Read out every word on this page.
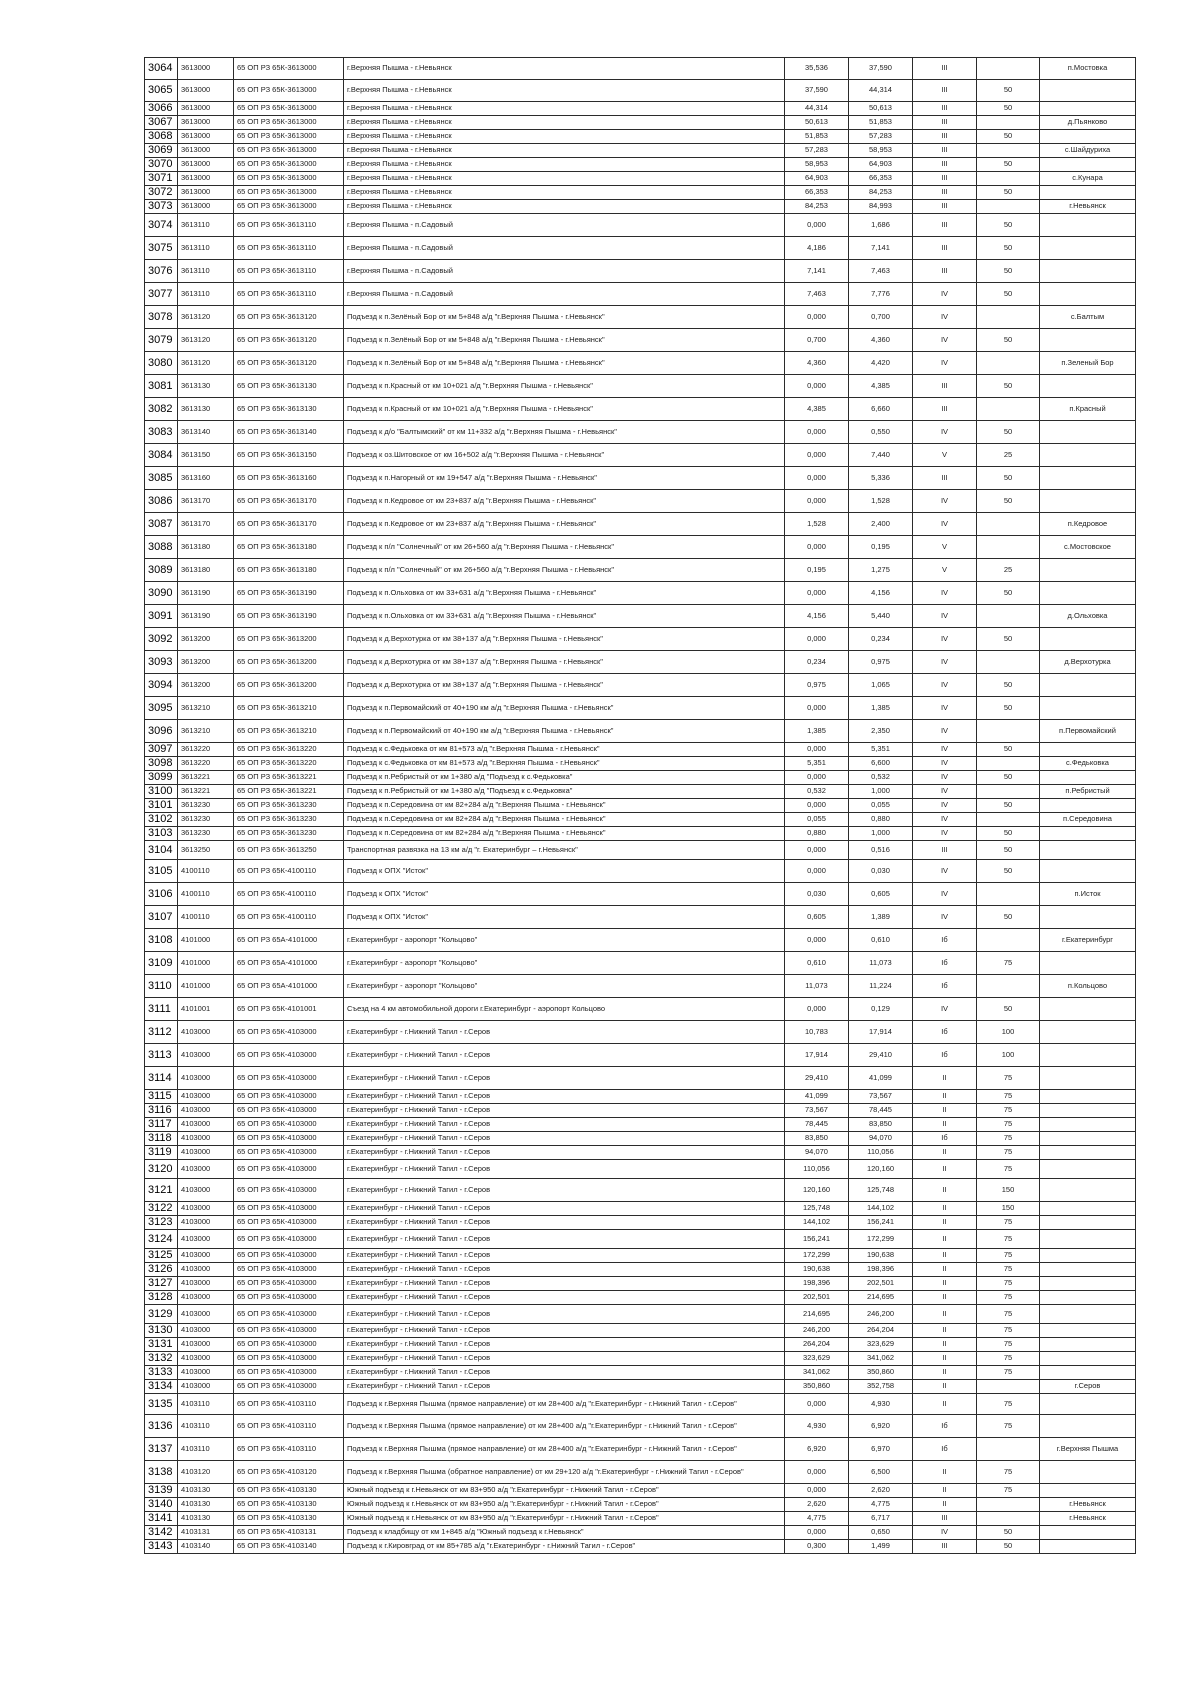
3064	3613000	65 ОП РЗ 65К-3613000	г.Верхняя Пышма - г.Невьянск	35,536	37,590	III		п.Мостовка
3065	3613000	65 ОП РЗ 65К-3613000	г.Верхняя Пышма - г.Невьянск	37,590	44,314	III	50	
3066	3613000	65 ОП РЗ 65К-3613000	г.Верхняя Пышма - г.Невьянск	44,314	50,613	III	50	
3067	3613000	65 ОП РЗ 65К-3613000	г.Верхняя Пышма - г.Невьянск	50,613	51,853	III		д.Пьянково
3068	3613000	65 ОП РЗ 65К-3613000	г.Верхняя Пышма - г.Невьянск	51,853	57,283	III	50	
3069	3613000	65 ОП РЗ 65К-3613000	г.Верхняя Пышма - г.Невьянск	57,283	58,953	III		с.Шайдуриха
3070	3613000	65 ОП РЗ 65К-3613000	г.Верхняя Пышма - г.Невьянск	58,953	64,903	III	50	
3071	3613000	65 ОП РЗ 65К-3613000	г.Верхняя Пышма - г.Невьянск	64,903	66,353	III		с.Кунара
3072	3613000	65 ОП РЗ 65К-3613000	г.Верхняя Пышма - г.Невьянск	66,353	84,253	III	50	
3073	3613000	65 ОП РЗ 65К-3613000	г.Верхняя Пышма - г.Невьянск	84,253	84,993	III		г.Невьянск
3074	3613110	65 ОП РЗ 65К-3613110	г.Верхняя Пышма - п.Садовый	0,000	1,686	III	50	
3075	3613110	65 ОП РЗ 65К-3613110	г.Верхняя Пышма - п.Садовый	4,186	7,141	III	50	
3076	3613110	65 ОП РЗ 65К-3613110	г.Верхняя Пышма - п.Садовый	7,141	7,463	III	50	
3077	3613110	65 ОП РЗ 65К-3613110	г.Верхняя Пышма - п.Садовый	7,463	7,776	IV	50	
3078	3613120	65 ОП РЗ 65К-3613120	Подъезд к п.Зелёный Бор от км 5+848 а/д "г.Верхняя Пышма - г.Невьянск"	0,000	0,700	IV		с.Балтым
3079	3613120	65 ОП РЗ 65К-3613120	Подъезд к п.Зелёный Бор от км 5+848 а/д "г.Верхняя Пышма - г.Невьянск"	0,700	4,360	IV	50	
3080	3613120	65 ОП РЗ 65К-3613120	Подъезд к п.Зелёный Бор от км 5+848 а/д "г.Верхняя Пышма - г.Невьянск"	4,360	4,420	IV		п.Зеленый Бор
3081	3613130	65 ОП РЗ 65К-3613130	Подъезд к п.Красный от км 10+021 а/д "г.Верхняя Пышма - г.Невьянск"	0,000	4,385	III	50	
3082	3613130	65 ОП РЗ 65К-3613130	Подъезд к п.Красный от км 10+021 а/д "г.Верхняя Пышма - г.Невьянск"	4,385	6,660	III		п.Красный
3083	3613140	65 ОП РЗ 65К-3613140	Подъезд к д/о "Балтымский" от км 11+332 а/д "г.Верхняя Пышма - г.Невьянск"	0,000	0,550	IV	50	
3084	3613150	65 ОП РЗ 65К-3613150	Подъезд к оз.Шитовское от км 16+502 а/д "г.Верхняя Пышма - г.Невьянск"	0,000	7,440	V	25	
3085	3613160	65 ОП РЗ 65К-3613160	Подъезд к п.Нагорный от км 19+547 а/д "г.Верхняя Пышма - г.Невьянск"	0,000	5,336	III	50	
3086	3613170	65 ОП РЗ 65К-3613170	Подъезд к п.Кедровое от км 23+837 а/д "г.Верхняя Пышма - г.Невьянск"	0,000	1,528	IV	50	
3087	3613170	65 ОП РЗ 65К-3613170	Подъезд к п.Кедровое от км 23+837 а/д "г.Верхняя Пышма - г.Невьянск"	1,528	2,400	IV		п.Кедровое
3088	3613180	65 ОП РЗ 65К-3613180	Подъезд к п/л "Солнечный" от км 26+560 а/д "г.Верхняя Пышма - г.Невьянск"	0,000	0,195	V		с.Мостовское
3089	3613180	65 ОП РЗ 65К-3613180	Подъезд к п/л "Солнечный" от км 26+560 а/д "г.Верхняя Пышма - г.Невьянск"	0,195	1,275	V	25	
3090	3613190	65 ОП РЗ 65К-3613190	Подъезд к п.Ольховка от км 33+631 а/д "г.Верхняя Пышма - г.Невьянск"	0,000	4,156	IV	50	
3091	3613190	65 ОП РЗ 65К-3613190	Подъезд к п.Ольховка от км 33+631 а/д "г.Верхняя Пышма - г.Невьянск"	4,156	5,440	IV		д.Ольховка
3092	3613200	65 ОП РЗ 65К-3613200	Подъезд к д.Верхотурка от км 38+137 а/д "г.Верхняя Пышма - г.Невьянск"	0,000	0,234	IV	50	
3093	3613200	65 ОП РЗ 65К-3613200	Подъезд к д.Верхотурка от км 38+137 а/д "г.Верхняя Пышма - г.Невьянск"	0,234	0,975	IV		д.Верхотурка
3094	3613200	65 ОП РЗ 65К-3613200	Подъезд к д.Верхотурка от км 38+137 а/д "г.Верхняя Пышма - г.Невьянск"	0,975	1,065	IV	50	
3095	3613210	65 ОП РЗ 65К-3613210	Подъезд к п.Первомайский от 40+190 км а/д "г.Верхняя Пышма - г.Невьянск"	0,000	1,385	IV	50	
3096	3613210	65 ОП РЗ 65К-3613210	Подъезд к п.Первомайский от 40+190 км а/д "г.Верхняя Пышма - г.Невьянск"	1,385	2,350	IV		п.Первомайский
3097	3613220	65 ОП РЗ 65К-3613220	Подъезд к с.Федьковка от км 81+573 а/д "г.Верхняя Пышма - г.Невьянск"	0,000	5,351	IV	50	
3098	3613220	65 ОП РЗ 65К-3613220	Подъезд к с.Федьковка от км 81+573 а/д "г.Верхняя Пышма - г.Невьянск"	5,351	6,600	IV		с.Федьковка
3099	3613221	65 ОП РЗ 65К-3613221	Подъезд к п.Ребристый от км 1+380 а/д "Подъезд к с.Федьковка"	0,000	0,532	IV	50	
3100	3613221	65 ОП РЗ 65К-3613221	Подъезд к п.Ребристый от км 1+380 а/д "Подъезд к с.Федьковка"	0,532	1,000	IV		п.Ребристый
3101	3613230	65 ОП РЗ 65К-3613230	Подъезд к п.Середовина от км 82+284 а/д "г.Верхняя Пышма - г.Невьянск"	0,000	0,055	IV	50	
3102	3613230	65 ОП РЗ 65К-3613230	Подъезд к п.Середовина от км 82+284 а/д "г.Верхняя Пышма - г.Невьянск"	0,055	0,880	IV		п.Середовина
3103	3613230	65 ОП РЗ 65К-3613230	Подъезд к п.Середовина от км 82+284 а/д "г.Верхняя Пышма - г.Невьянск"	0,880	1,000	IV	50	
3104	3613250	65 ОП РЗ 65К-3613250	Транспортная развязка на 13 км а/д "г. Екатеринбург – г.Невьянск"	0,000	0,516	III	50	
3105	4100110	65 ОП РЗ 65К-4100110	Подъезд к ОПХ "Исток"	0,000	0,030	IV	50	
3106	4100110	65 ОП РЗ 65К-4100110	Подъезд к ОПХ "Исток"	0,030	0,605	IV		п.Исток
3107	4100110	65 ОП РЗ 65К-4100110	Подъезд к ОПХ "Исток"	0,605	1,389	IV	50	
3108	4101000	65 ОП РЗ 65А-4101000	г.Екатеринбург - аэропорт "Кольцово"	0,000	0,610	Iб		г.Екатеринбург
3109	4101000	65 ОП РЗ 65А-4101000	г.Екатеринбург - аэропорт "Кольцово"	0,610	11,073	Iб	75	
3110	4101000	65 ОП РЗ 65А-4101000	г.Екатеринбург - аэропорт "Кольцово"	11,073	11,224	Iб		п.Кольцово
3111	4101001	65 ОП РЗ 65К-4101001	Съезд на 4 км автомобильной дороги г.Екатеринбург - аэропорт Кольцово	0,000	0,129	IV	50	
3112	4103000	65 ОП РЗ 65К-4103000	г.Екатеринбург - г.Нижний Тагил - г.Серов	10,783	17,914	Iб	100	
3113	4103000	65 ОП РЗ 65К-4103000	г.Екатеринбург - г.Нижний Тагил - г.Серов	17,914	29,410	Iб	100	
3114	4103000	65 ОП РЗ 65К-4103000	г.Екатеринбург - г.Нижний Тагил - г.Серов	29,410	41,099	II	75	
3115	4103000	65 ОП РЗ 65К-4103000	г.Екатеринбург - г.Нижний Тагил - г.Серов	41,099	73,567	II	75	
3116	4103000	65 ОП РЗ 65К-4103000	г.Екатеринбург - г.Нижний Тагил - г.Серов	73,567	78,445	II	75	
3117	4103000	65 ОП РЗ 65К-4103000	г.Екатеринбург - г.Нижний Тагил - г.Серов	78,445	83,850	II	75	
3118	4103000	65 ОП РЗ 65К-4103000	г.Екатеринбург - г.Нижний Тагил - г.Серов	83,850	94,070	Iб	75	
3119	4103000	65 ОП РЗ 65К-4103000	г.Екатеринбург - г.Нижний Тагил - г.Серов	94,070	110,056	II	75	
3120	4103000	65 ОП РЗ 65К-4103000	г.Екатеринбург - г.Нижний Тагил - г.Серов	110,056	120,160	II	75	
3121	4103000	65 ОП РЗ 65К-4103000	г.Екатеринбург - г.Нижний Тагил - г.Серов	120,160	125,748	II	150	
3122	4103000	65 ОП РЗ 65К-4103000	г.Екатеринбург - г.Нижний Тагил - г.Серов	125,748	144,102	II	150	
3123	4103000	65 ОП РЗ 65К-4103000	г.Екатеринбург - г.Нижний Тагил - г.Серов	144,102	156,241	II	75	
3124	4103000	65 ОП РЗ 65К-4103000	г.Екатеринбург - г.Нижний Тагил - г.Серов	156,241	172,299	II	75	
3125	4103000	65 ОП РЗ 65К-4103000	г.Екатеринбург - г.Нижний Тагил - г.Серов	172,299	190,638	II	75	
3126	4103000	65 ОП РЗ 65К-4103000	г.Екатеринбург - г.Нижний Тагил - г.Серов	190,638	198,396	II	75	
3127	4103000	65 ОП РЗ 65К-4103000	г.Екатеринбург - г.Нижний Тагил - г.Серов	198,396	202,501	II	75	
3128	4103000	65 ОП РЗ 65К-4103000	г.Екатеринбург - г.Нижний Тагил - г.Серов	202,501	214,695	II	75	
3129	4103000	65 ОП РЗ 65К-4103000	г.Екатеринбург - г.Нижний Тагил - г.Серов	214,695	246,200	II	75	
3130	4103000	65 ОП РЗ 65К-4103000	г.Екатеринбург - г.Нижний Тагил - г.Серов	246,200	264,204	II	75	
3131	4103000	65 ОП РЗ 65К-4103000	г.Екатеринбург - г.Нижний Тагил - г.Серов	264,204	323,629	II	75	
3132	4103000	65 ОП РЗ 65К-4103000	г.Екатеринбург - г.Нижний Тагил - г.Серов	323,629	341,062	II	75	
3133	4103000	65 ОП РЗ 65К-4103000	г.Екатеринбург - г.Нижний Тагил - г.Серов	341,062	350,860	II	75	
3134	4103000	65 ОП РЗ 65К-4103000	г.Екатеринбург - г.Нижний Тагил - г.Серов	350,860	352,758	II		г.Серов
3135	4103110	65 ОП РЗ 65К-4103110	Подъезд к г.Верхняя Пышма (прямое направление) от км 28+400 а/д "г.Екатеринбург - г.Нижний Тагил - г.Серов"	0,000	4,930	II	75	
3136	4103110	65 ОП РЗ 65К-4103110	Подъезд к г.Верхняя Пышма (прямое направление) от км 28+400 а/д "г.Екатеринбург - г.Нижний Тагил - г.Серов"	4,930	6,920	Iб	75	
3137	4103110	65 ОП РЗ 65К-4103110	Подъезд к г.Верхняя Пышма (прямое направление) от км 28+400 а/д "г.Екатеринбург - г.Нижний Тагил - г.Серов"	6,920	6,970	Iб		г.Верхняя Пышма
3138	4103120	65 ОП РЗ 65К-4103120	Подъезд к г.Верхняя Пышма (обратное направление) от км 29+120 а/д "г.Екатеринбург - г.Нижний Тагил - г.Серов"	0,000	6,500	II	75	
3139	4103130	65 ОП РЗ 65К-4103130	Южный подъезд к г.Невьянск от км 83+950 а/д "г.Екатеринбург - г.Нижний Тагил - г.Серов"	0,000	2,620	II	75	
3140	4103130	65 ОП РЗ 65К-4103130	Южный подъезд к г.Невьянск от км 83+950 а/д "г.Екатеринбург - г.Нижний Тагил - г.Серов"	2,620	4,775	II		г.Невьянск
3141	4103130	65 ОП РЗ 65К-4103130	Южный подъезд к г.Невьянск от км 83+950 а/д "г.Екатеринбург - г.Нижний Тагил - г.Серов"	4,775	6,717	III		г.Невьянск
3142	4103131	65 ОП РЗ 65К-4103131	Подъезд к кладбищу от км 1+845 а/д "Южный подъезд к г.Невьянск"	0,000	0,650	IV	50	
3143	4103140	65 ОП РЗ 65К-4103140	Подъезд к г.Кировград от км 85+785 а/д "г.Екатеринбург - г.Нижний Тагил - г.Серов"	0,300	1,499	III	50	
